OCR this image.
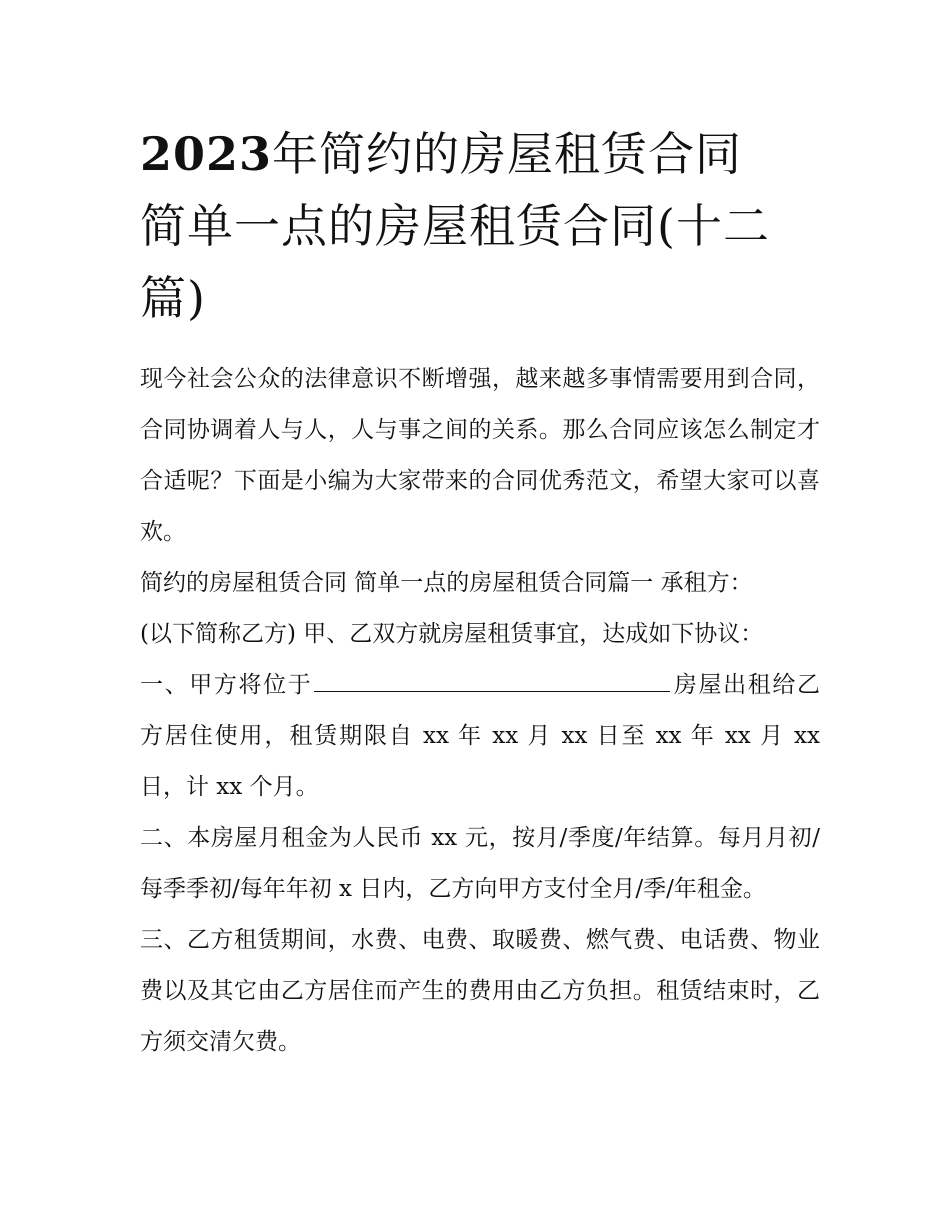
2023年简约的房屋租赁合同
简单一点的房屋租赁合同(十二篇)

现今社会公众的法律意识不断增强，越来越多事情需要用到合同，合同协调着人与人，人与事之间的关系。那么合同应该怎么制定才合适呢？下面是小编为大家带来的合同优秀范文，希望大家可以喜欢。

简约的房屋租赁合同 简单一点的房屋租赁合同篇一 承租方：

(以下简称乙方) 甲、乙双方就房屋租赁事宜，达成如下协议：

一、甲方将位于	房屋出租给乙方居住使用，租赁期限自 xx 年 xx 月 xx 日至 xx 年 xx 月 xx 日，计 xx 个月。

二、本房屋月租金为人民币 xx 元，按月/季度/年结算。每月月初/每季季初/每年年初 x 日内，乙方向甲方支付全月/季/年租金。

三、乙方租赁期间，水费、电费、取暖费、燃气费、电话费、物业费以及其它由乙方居住而产生的费用由乙方负担。租赁结束时，乙方须交清欠费。
